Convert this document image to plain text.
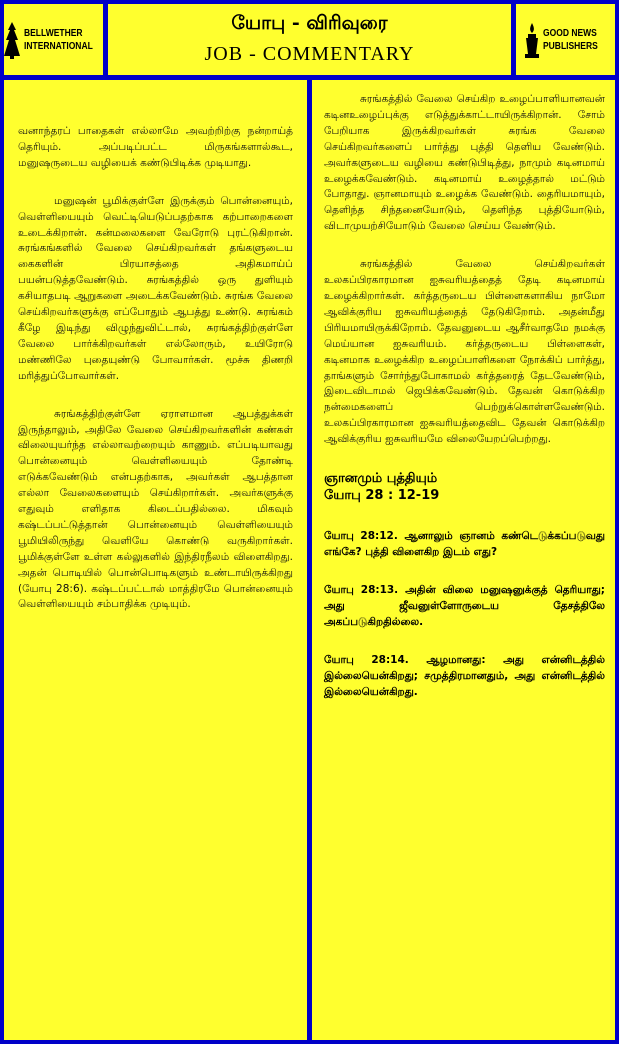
BELLWETHER
INTERNATIONAL
யோபு - விரிவுரை
JOB - COMMENTARY
GOOD NEWS
PUBLISHERS

வனாந்தரப் பாதைகள் எல்லாமே அவற்றிற்கு நன்றாய்த் தெரியும். அப்படிப்பட்ட மிருகங்களால்கூட, மனுஷருடைய வழியைக் கண்டுபிடிக்க முடியாது.

மனுஷன் பூமிக்குள்ளே இருக்கும் பொன்னையும், வெள்ளியையும் வெட்டியெடுப்பதற்காக கற்பாறைகளை உடைக்கிறான். கன்மலைகளை வேரோடு புரட்டுகிறான். சுரங்கங்களில் வேலை செய்கிறவர்கள் தங்களுடைய கைகளின் பிரயாசத்தை அதிகமாய்ப் பயன்படுத்தவேண்டும். சுரங்கத்தில் ஒரு துளியும் கசியாதபடி ஆறுகளை அடைக்கவேண்டும். சுரங்க வேலை செய்கிறவர்களுக்கு எப்போதும் ஆபத்து உண்டு. சுரங்கம் கீழே இடிந்து விழுந்துவிட்டால், சுரங்கத்திற்குள்ளே வேலை பார்க்கிறவர்கள் எல்லோரும், உயிரோடு மண்ணிலே புதையுண்டு போவார்கள். மூச்சு திணறி மரித்துப்போவார்கள்.

சுரங்கத்திற்குள்ளே ஏராளமான ஆபத்துக்கள் இருந்தாலும், அதிலே வேலை செய்கிறவர்களின் கண்கள் விலையுயர்ந்த எல்லாவற்றையும் காணும். எப்படியாவது பொன்னையும் வெள்ளியையும் தோண்டி எடுக்கவேண்டும் என்பதற்காக, அவர்கள் ஆபத்தான எல்லா வேலைகளையும் செய்கிறார்கள். அவர்களுக்கு எதுவும் எளிதாக கிடைப்பதில்லை. மிகவும் கஷ்டப்பட்டுத்தான் பொன்னையும் வெள்ளியையும் பூமியிலிருந்து வெளியே கொண்டு வருகிறார்கள். பூமிக்குள்ளே உள்ள கல்லுகளில் இந்திரநீலம் விளைகிறது. அதன் பொடியில் பொன்பொடிகளும் உண்டாயிருக்கிறது (யோபு 28:6). கஷ்டப்பட்டால் மாத்திரமே பொன்னையும் வெள்ளியையும் சம்பாதிக்க முடியும்.

சுரங்கத்தில் வேலை செய்கிற உழைப்பாளியானவன் கடினஉழைப்புக்கு எடுத்துக்காட்டாயிருக்கிறான். சோம் பேறியாக இருக்கிறவர்கள் சுரங்க வேலை செய்கிறவர்களைப் பார்த்து புத்தி தெளிய வேண்டும். அவர்களுடைய வழியை கண்டுபிடித்து, நாமும் கடினமாய் உழைக்கவேண்டும். கடினமாய் உழைத்தால் மட்டும் போதாது. ஞானமாயும் உழைக்க வேண்டும். தைரியமாயும், தெளிந்த சிந்தனையோடும், தெளிந்த புத்தியோடும், விடாமுயற்சியோடும் வேலை செய்ய வேண்டும்.

சுரங்கத்தில் வேலை செய்கிறவர்கள் உலகப்பிரகாரமான ஐசுவரியத்தைத் தேடி கடினமாய் உழைக்கிறார்கள். கர்த்தருடைய பிள்ளைகளாகிய நாமோ ஆவிக்குரிய ஐசுவரியத்தைத் தேடுகிறோம். அதன்மீது பிரியமாயிருக்கிறோம். தேவனுடைய ஆசீர்வாதமே நமக்கு மெய்யான ஐசுவரியம். கர்த்தருடைய பிள்ளைகள், கடினமாக உழைக்கிற உழைப்பாளிகளை நோக்கிப் பார்த்து, தாங்களும் சோர்ந்துபோகாமல் கர்த்தரைத் தேடவேண்டும், இடைவிடாமல் ஜெபிக்கவேண்டும். தேவன் கொடுக்கிற நன்மைகளைப் பெற்றுக்கொள்ளவேண்டும். உலகப்பிரகாரமான ஐசுவரியத்தைவிட தேவன் கொடுக்கிற ஆவிக்குரிய ஐசுவரியமே விலையேறப்பெற்றது.

ஞானமும் புத்தியும்
யோபு 28 : 12-19

யோபு 28:12. ஆனாலும் ஞானம் கண்டெடுக்கப்படுவது எங்கே? புத்தி விளைகிற இடம் எது?

யோபு 28:13. அதின் விலை மனுஷனுக்குத் தெரியாது; அது ஜீவனுள்ளோருடைய தேசத்திலே அகப்படுகிறதில்லை.

யோபு 28:14. ஆழமானது: அது என்னிடத்தில் இல்லையென்கிறது; சமுத்திரமானதும், அது என்னிடத்தில் இல்லையென்கிறது.
